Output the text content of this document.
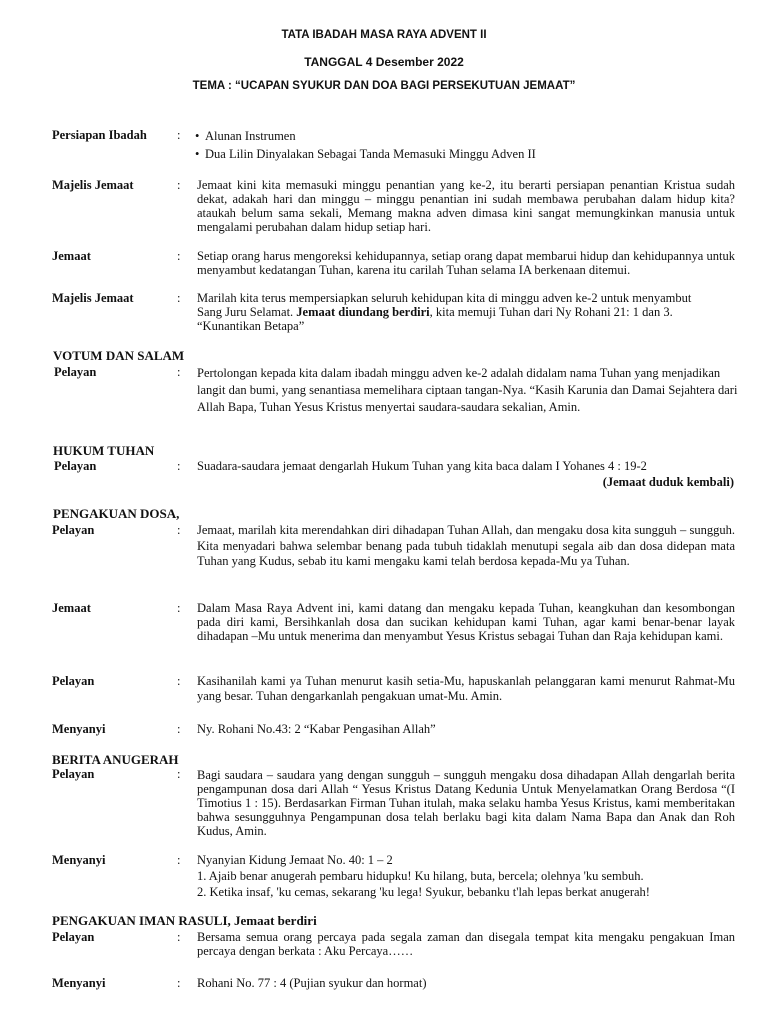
TATA IBADAH MASA RAYA ADVENT II
TANGGAL 4 Desember 2022
TEMA : “UCAPAN SYUKUR DAN DOA BAGI PERSEKUTUAN JEMAAT”
Persiapan Ibadah :
•	Alunan Instrumen
• Dua Lilin Dinyalakan Sebagai Tanda Memasuki Minggu Adven II
Majelis Jemaat	: Jemaat kini kita memasuki minggu penantian yang ke-2, itu berarti persiapan penantian Kristua sudah dekat, adakah hari dan minggu – minggu penantian ini sudah membawa perubahan dalam hidup kita? ataukah belum sama sekali, Memang makna adven dimasa kini sangat memungkinkan manusia untuk mengalami perubahan dalam hidup setiap hari.
Jemaat	: Setiap orang harus mengoreksi kehidupannya, setiap orang dapat membarui hidup dan kehidupannya untuk menyambut kedatangan Tuhan, karena itu carilah Tuhan selama IA berkenaan ditemui.
Majelis Jemaat	: Marilah kita terus mempersiapkan seluruh kehidupan kita di minggu adven ke-2 untuk menyambut Sang Juru Selamat. Jemaat diundang berdiri, kita memuji Tuhan dari Ny Rohani 21: 1 dan 3. “Kunantikan Betapa”
VOTUM DAN SALAM
Pelayan	: Pertolongan kepada kita dalam ibadah minggu adven ke-2 adalah didalam nama Tuhan yang menjadikan langit dan bumi, yang senantiasa memelihara ciptaan tangan-Nya. “Kasih Karunia dan Damai Sejahtera dari Allah Bapa, Tuhan Yesus Kristus menyertai saudara-saudara sekalian, Amin.
HUKUM TUHAN
Pelayan	: Suadara-saudara jemaat dengarlah Hukum Tuhan yang kita baca dalam I Yohanes 4 : 19-2
(Jemaat duduk kembali)
PENGAKUAN DOSA,
Pelayan	: Jemaat, marilah kita merendahkan diri dihadapan Tuhan Allah, dan mengaku dosa kita sungguh – sungguh. Kita menyadari bahwa selembar benang pada tubuh tidaklah menutupi segala aib dan dosa didepan mata Tuhan yang Kudus, sebab itu kami mengaku kami telah berdosa kepada-Mu ya Tuhan.
Jemaat	: Dalam Masa Raya Advent ini, kami datang dan mengaku kepada Tuhan, keangkuhan dan kesombongan pada diri kami, Bersihkanlah dosa dan sucikan kehidupan kami Tuhan, agar kami benar-benar layak dihadapan –Mu untuk menerima dan menyambut Yesus Kristus sebagai Tuhan dan Raja kehidupan kami.
Pelayan	: Kasihanilah kami ya Tuhan menurut kasih setia-Mu, hapuskanlah pelanggaran kami menurut Rahmat-Mu yang besar. Tuhan dengarkanlah pengakuan umat-Mu. Amin.
Menyanyi	: Ny. Rohani No.43: 2 “Kabar Pengasihan Allah”
BERITA ANUGERAH
Pelayan	: Bagi saudara – saudara yang dengan sungguh – sungguh mengaku dosa dihadapan Allah dengarlah berita pengampunan dosa dari Allah “ Yesus Kristus Datang Kedunia Untuk Menyelamatkan Orang Berdosa “(I Timotius 1 : 15). Berdasarkan Firman Tuhan itulah, maka selaku hamba Yesus Kristus, kami memberitakan bahwa sesungguhnya Pengampunan dosa telah berlaku bagi kita dalam Nama Bapa dan Anak dan Roh Kudus, Amin.
Menyanyi	: Nyanyian Kidung Jemaat No. 40: 1 – 2
1. Ajaib benar anugerah pembaru hidupku! Ku hilang, buta, bercela; olehnya 'ku sembuh.
2. Ketika insaf, 'ku cemas, sekarang 'ku lega! Syukur, bebanku t'lah lepas berkat anugerah!
PENGAKUAN IMAN RASULI, Jemaat berdiri
Pelayan	: Bersama semua orang percaya pada segala zaman dan disegala tempat kita mengaku pengakuan Iman percaya dengan berkata : Aku Percaya……
Menyanyi	: Rohani No. 77 : 4 (Pujian syukur dan hormat)
